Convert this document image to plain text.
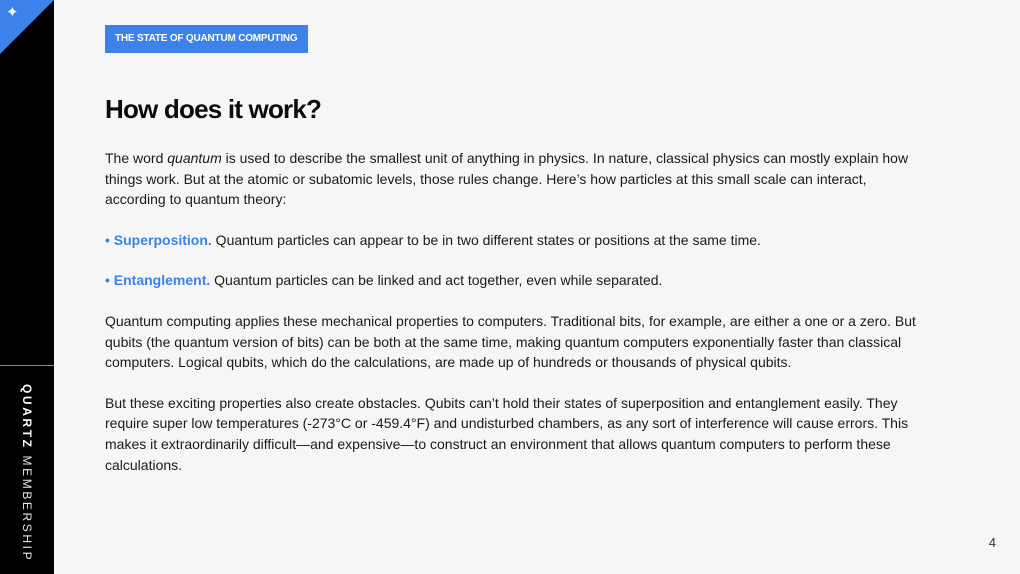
✦
QUARTZ MEMBERSHIP
THE STATE OF QUANTUM COMPUTING
How does it work?

The word quantum is used to describe the smallest unit of anything in physics. In nature, classical physics can mostly explain how things work. But at the atomic or subatomic levels, those rules change. Here’s how particles at this small scale can interact, according to quantum theory:

• Superposition. Quantum particles can appear to be in two different states or positions at the same time.

• Entanglement. Quantum particles can be linked and act together, even while separated.

Quantum computing applies these mechanical properties to computers. Traditional bits, for example, are either a one or a zero. But qubits (the quantum version of bits) can be both at the same time, making quantum computers exponentially faster than classical computers. Logical qubits, which do the calculations, are made up of hundreds or thousands of physical qubits.

But these exciting properties also create obstacles. Qubits can’t hold their states of superposition and entanglement easily. They require super low temperatures (-273°C or -459.4°F) and undisturbed chambers, as any sort of interference will cause errors. This makes it extraordinarily difficult—and expensive—to construct an environment that allows quantum computers to perform these calculations.

4
